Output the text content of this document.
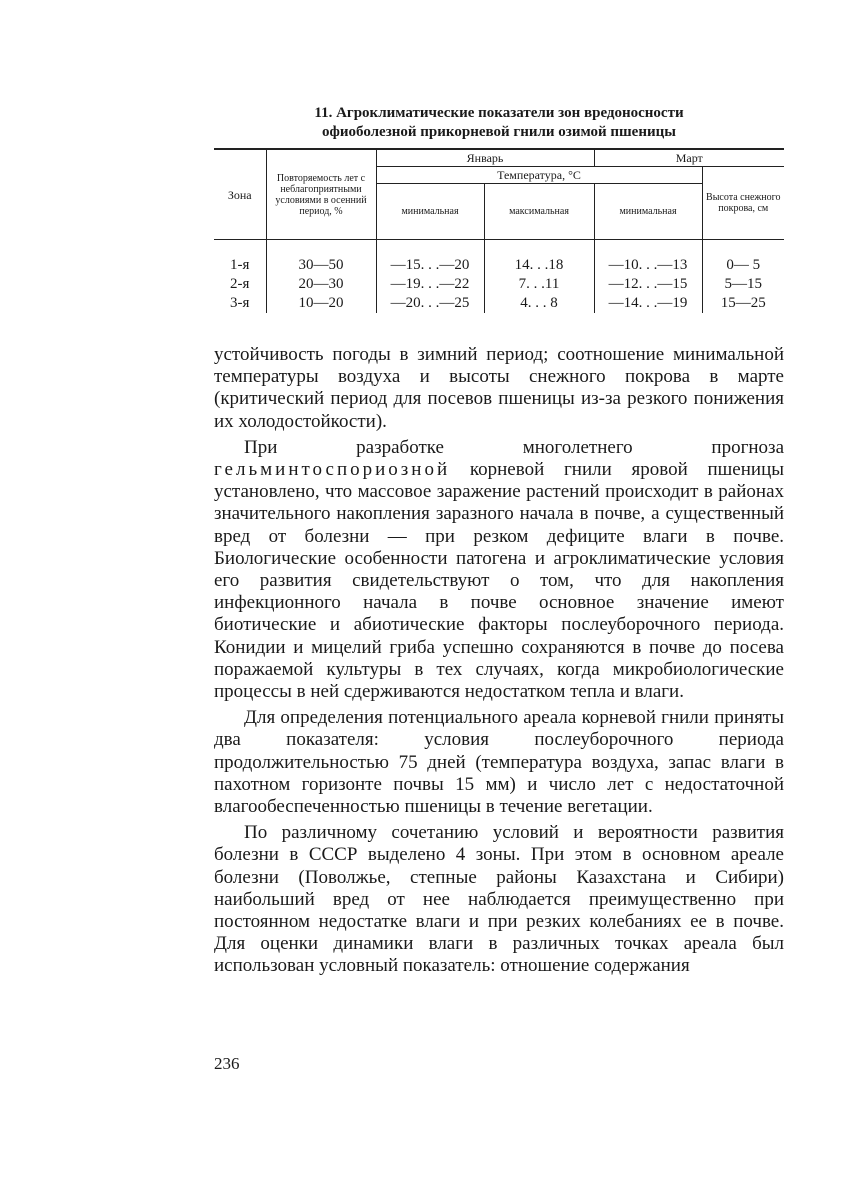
11. Агроклиматические показатели зон вредоносности
офиоболезной прикорневой гнили озимой пшеницы
Зона	Повторяемость лет с неблагоприятными условиями в осенний период, %	Январь		Март	
		Температура, °С			Высота снежного покрова, см
		минимальная	максимальная	минимальная	
1-я	30—50	—15. . .—20	14. . .18	—10. . .—13	0— 5
2-я	20—30	—19. . .—22	7. . .11	—12. . .—15	5—15
3-я	10—20	—20. . .—25	4. . . 8	—14. . .—19	15—25

устойчивость погоды в зимний период; соотношение минимальной температуры воздуха и высоты снежного покрова в марте (критический период для посевов пшеницы из-за резкого понижения их холодостойкости).

При разработке многолетнего прогноза гельминтоспориозной корневой гнили яровой пшеницы установлено, что массовое заражение растений происходит в районах значительного накопления заразного начала в почве, а существенный вред от болезни — при резком дефиците влаги в почве. Биологические особенности патогена и агроклиматические условия его развития свидетельствуют о том, что для накопления инфекционного начала в почве основное значение имеют биотические и абиотические факторы послеуборочного периода. Конидии и мицелий гриба успешно сохраняются в почве до посева поражаемой культуры в тех случаях, когда микробиологические процессы в ней сдерживаются недостатком тепла и влаги.

Для определения потенциального ареала корневой гнили приняты два показателя: условия послеуборочного периода продолжительностью 75 дней (температура воздуха, запас влаги в пахотном горизонте почвы 15 мм) и число лет с недостаточной влагообеспеченностью пшеницы в течение вегетации.

По различному сочетанию условий и вероятности развития болезни в СССР выделено 4 зоны. При этом в основном ареале болезни (Поволжье, степные районы Казахстана и Сибири) наибольший вред от нее наблюдается преимущественно при постоянном недостатке влаги и при резких колебаниях ее в почве. Для оценки динамики влаги в различных точках ареала был использован условный показатель: отношение содержания

236
